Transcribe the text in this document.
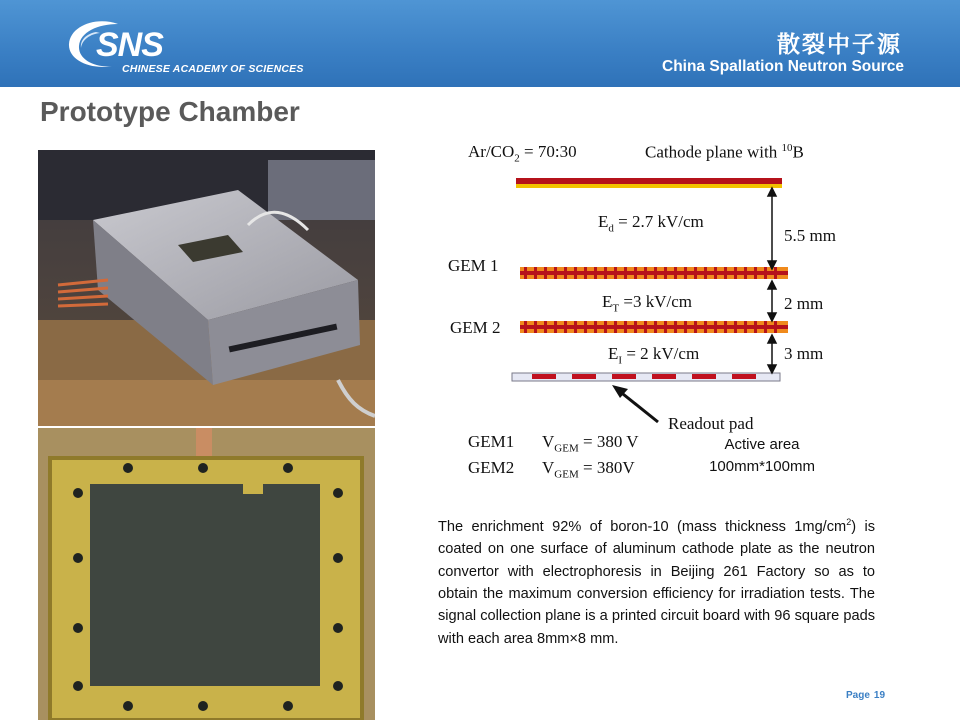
SNS
CHINESE ACADEMY OF SCIENCES
散裂中子源
China Spallation Neutron Source
Prototype Chamber
$Ar/CO_2$ = 70:30	Cathode plane with $^{10}$B
$E_d = 2.7$ kV/cm
5.5 mm
GEM 1
$E_T =3$ kV/cm	2 mm
GEM 2
$E_I = 2$ kV/cm	3 mm
Readout pad
GEM1 $V_{GEM} = 380$ V
GEM2 $V_{GEM} = 380V$
Active area
100mm*100mm
The enrichment 92% of boron-10 (mass thickness $1mg/cm^2$) is coated on one surface of aluminum cathode plate as the neutron convertor with electrophoresis in Beijing 261 Factory so as to obtain the maximum conversion efficiency for irradiation tests. The signal collection plane is a printed circuit board with 96 square pads with each area 8mm×8 mm.
Page 19
